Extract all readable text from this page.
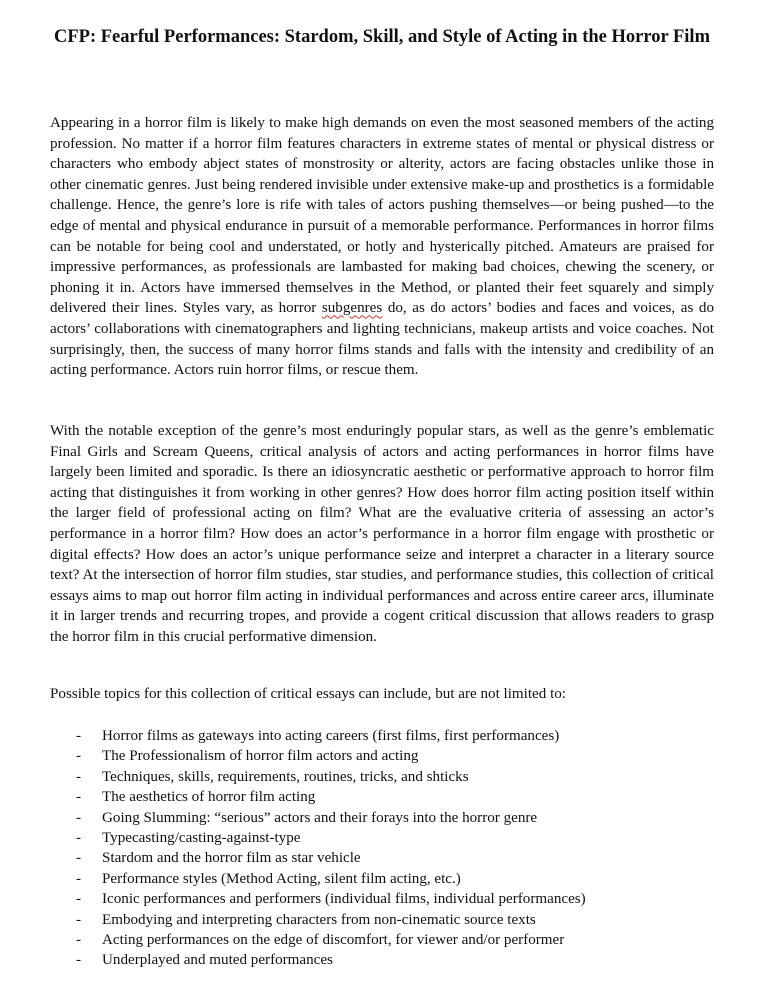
CFP: Fearful Performances: Stardom, Skill, and Style of Acting in the Horror Film

Appearing in a horror film is likely to make high demands on even the most seasoned members of the acting profession. No matter if a horror film features characters in extreme states of mental or physical distress or characters who embody abject states of monstrosity or alterity, actors are facing obstacles unlike those in other cinematic genres. Just being rendered invisible under extensive make-up and prosthetics is a formidable challenge. Hence, the genre’s lore is rife with tales of actors pushing themselves—or being pushed—to the edge of mental and physical endurance in pursuit of a memorable performance. Performances in horror films can be notable for being cool and understated, or hotly and hysterically pitched. Amateurs are praised for impressive performances, as professionals are lambasted for making bad choices, chewing the scenery, or phoning it in. Actors have immersed themselves in the Method, or planted their feet squarely and simply delivered their lines. Styles vary, as horror subgenres do, as do actors’ bodies and faces and voices, as do actors’ collaborations with cinematographers and lighting technicians, makeup artists and voice coaches. Not surprisingly, then, the success of many horror films stands and falls with the intensity and credibility of an acting performance. Actors ruin horror films, or rescue them.

With the notable exception of the genre’s most enduringly popular stars, as well as the genre’s emblematic Final Girls and Scream Queens, critical analysis of actors and acting performances in horror films have largely been limited and sporadic. Is there an idiosyncratic aesthetic or performative approach to horror film acting that distinguishes it from working in other genres? How does horror film acting position itself within the larger field of professional acting on film? What are the evaluative criteria of assessing an actor’s performance in a horror film? How does an actor’s performance in a horror film engage with prosthetic or digital effects? How does an actor’s unique performance seize and interpret a character in a literary source text? At the intersection of horror film studies, star studies, and performance studies, this collection of critical essays aims to map out horror film acting in individual performances and across entire career arcs, illuminate it in larger trends and recurring tropes, and provide a cogent critical discussion that allows readers to grasp the horror film in this crucial performative dimension.

Possible topics for this collection of critical essays can include, but are not limited to:

- Horror films as gateways into acting careers (first films, first performances)
- The Professionalism of horror film actors and acting
- Techniques, skills, requirements, routines, tricks, and shticks
- The aesthetics of horror film acting
- Going Slumming: “serious” actors and their forays into the horror genre
- Typecasting/casting-against-type
- Stardom and the horror film as star vehicle
- Performance styles (Method Acting, silent film acting, etc.)
- Iconic performances and performers (individual films, individual performances)
- Embodying and interpreting characters from non-cinematic source texts
- Acting performances on the edge of discomfort, for viewer and/or performer
- Underplayed and muted performances
